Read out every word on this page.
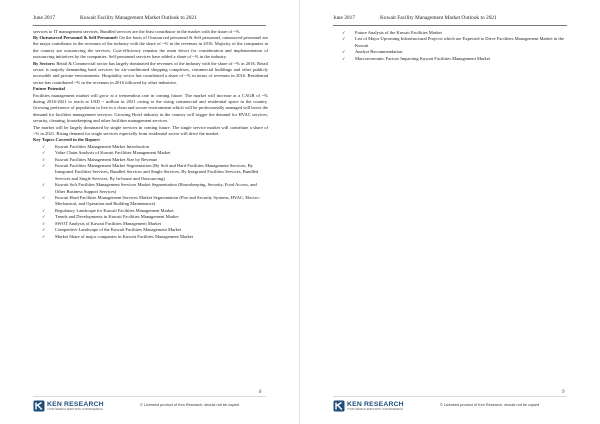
June 2017	Kuwait Facility Management Market Outlook to 2021

services to IT management services. Bundled services are the least contributor in the market with the share of ~%

By Outsourced Personnel & Self Personnel: On the basis of Outsourced personnel & Self personnel, outsourced personnel are the major contributor in the revenues of the industry with the share of ~% in the revenues in 2016. Majority of the companies in the country are outsourcing the services. Cost-efficiency remains the main driver for consideration and implementation of outsourcing initiatives by the companies. Self personnel services have added a share of ~% in the industry.

By Sectors: Retail & Commercial sector has largely dominated the revenues of the industry with the share of ~% in 2016. Retail sector is majorly demanding hard services for air-conditioned shopping complexes, commercial buildings and other publicly accessible and private environments. Hospitality sector has contributed a share of ~% in terms of revenues in 2016. Residential sector has contributed ~% in the revenues in 2016 followed by other industries.

Future Potential

Facilities management market will grow at a tremendous rate in coming future. The market will increase at a CAGR of ~% during 2016-2021 to reach at USD ~ million in 2021 owing to the rising commercial and residential space in the country. Growing preference of population to live in a clean and secure environment which will be professionally managed will boost the demand for facilities management services. Growing Hotel industry in the country will trigger the demand for HVAC services, security, cleaning, housekeeping and other facilities management services.

The market will be largely dominated by single services in coming future. The single service market will contribute a share of ~% in 2021. Rising demand for single services especially from residential sector will drive the market.

Key Topics Covered in the Report:

✓ Kuwait Facilities Management Market Introduction
✓ Value Chain Analysis of Kuwait Facilities Management Market
✓ Kuwait Facilities Management Market Size by Revenue
✓ Kuwait Facilities Management Market Segmentation (By Soft and Hard Facilities Management Services, By Integrated Facilities Services, Bundled Services and Single Services, By Integrated Facilities Services, Bundled Services and Single Services, By In-house and Outsourcing)
✓ Kuwait Soft Facilities Management Services Market Segmentation (Housekeeping, Security, Food Access, and Other Business Support Services)
✓ Kuwait Hard Facilities Management Services Market Segmentation (Fire and Security Systems, HVAC, Electro-Mechanical, and Operation and Building Maintenance)
✓ Regulatory Landscape for Kuwait Facilities Management Market
✓ Trends and Developments in Kuwait Facilities Management Market
✓ SWOT Analysis of Kuwait Facilities Management Market
✓ Competitive Landscape of the Kuwait Facilities Management Market
✓ Market Share of major companies in Kuwait Facilities Management Market
8
KEN RESEARCH
YOUR SEARCH ENDS WITH OUR RESEARCH
© Licensed product of Ken Research, should not be copied
June 2017	Kuwait Facility Management Market Outlook to 2021
✓ Future Analysis of the Kuwait Facilities Market
✓ List of Major Upcoming Infrastructural Projects which are Expected to Drive Facilities Management Market in the Kuwait
✓ Analyst Recommendation
✓ Macroeconomic Factors Impacting Kuwait Facilities Management Market
9
KEN RESEARCH
YOUR SEARCH ENDS WITH OUR RESEARCH
© Licensed product of Ken Research, should not be copied
